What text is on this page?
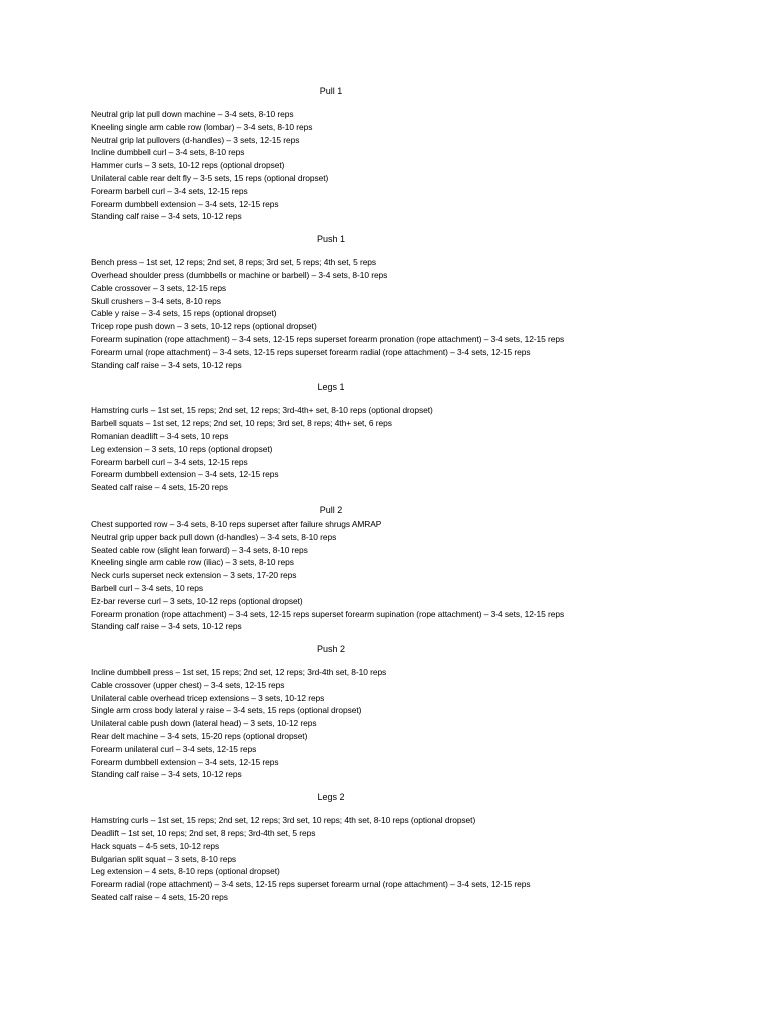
Pull 1
Neutral grip lat pull down machine – 3-4 sets, 8-10 reps
Kneeling single arm cable row (lombar) – 3-4 sets, 8-10 reps
Neutral grip lat pullovers (d-handles) – 3 sets, 12-15 reps
Incline dumbbell curl – 3-4 sets, 8-10 reps
Hammer curls – 3 sets, 10-12 reps (optional dropset)
Unilateral cable rear delt fly – 3-5 sets, 15 reps (optional dropset)
Forearm barbell curl – 3-4 sets, 12-15 reps
Forearm dumbbell extension – 3-4 sets, 12-15 reps
Standing calf raise – 3-4 sets, 10-12 reps
Push 1
Bench press – 1st set, 12 reps; 2nd set, 8 reps; 3rd set, 5 reps; 4th set, 5 reps
Overhead shoulder press (dumbbells or machine or barbell) – 3-4 sets, 8-10 reps
Cable crossover – 3 sets, 12-15 reps
Skull crushers – 3-4 sets, 8-10 reps
Cable y raise – 3-4 sets, 15 reps (optional dropset)
Tricep rope push down – 3 sets, 10-12 reps (optional dropset)
Forearm supination (rope attachment) – 3-4 sets, 12-15 reps superset forearm pronation (rope attachment) – 3-4 sets, 12-15 reps
Forearm urnal (rope attachment) – 3-4 sets, 12-15 reps superset forearm radial (rope attachment) – 3-4 sets, 12-15 reps
Standing calf raise – 3-4 sets, 10-12 reps
Legs 1
Hamstring curls – 1st set, 15 reps; 2nd set, 12 reps; 3rd-4th+ set, 8-10 reps (optional dropset)
Barbell squats – 1st set, 12 reps; 2nd set, 10 reps; 3rd set, 8 reps; 4th+ set, 6 reps
Romanian deadlift – 3-4 sets, 10 reps
Leg extension – 3 sets, 10 reps (optional dropset)
Forearm barbell curl – 3-4 sets, 12-15 reps
Forearm dumbbell extension – 3-4 sets, 12-15 reps
Seated calf raise – 4 sets, 15-20 reps
Pull 2
Chest supported row – 3-4 sets, 8-10 reps superset after failure shrugs AMRAP
Neutral grip upper back pull down (d-handles) – 3-4 sets, 8-10 reps
Seated cable row (slight lean forward) – 3-4 sets, 8-10 reps
Kneeling single arm cable row (iliac) – 3 sets, 8-10 reps
Neck curls superset neck extension – 3 sets, 17-20 reps
Barbell curl – 3-4 sets, 10 reps
Ez-bar reverse curl – 3 sets, 10-12 reps (optional dropset)
Forearm pronation (rope attachment) – 3-4 sets, 12-15 reps superset forearm supination (rope attachment) – 3-4 sets, 12-15 reps
Standing calf raise – 3-4 sets, 10-12 reps
Push 2
Incline dumbbell press – 1st set, 15 reps; 2nd set, 12 reps; 3rd-4th set, 8-10 reps
Cable crossover (upper chest) – 3-4 sets, 12-15 reps
Unilateral cable overhead tricep extensions – 3 sets, 10-12 reps
Single arm cross body lateral y raise – 3-4 sets, 15 reps (optional dropset)
Unilateral cable push down (lateral head) – 3 sets, 10-12 reps
Rear delt machine – 3-4 sets, 15-20 reps (optional dropset)
Forearm unilateral curl – 3-4 sets, 12-15 reps
Forearm dumbbell extension – 3-4 sets, 12-15 reps
Standing calf raise – 3-4 sets, 10-12 reps
Legs 2
Hamstring curls – 1st set, 15 reps; 2nd set, 12 reps; 3rd set, 10 reps; 4th set, 8-10 reps (optional dropset)
Deadlift – 1st set, 10 reps; 2nd set, 8 reps; 3rd-4th set, 5 reps
Hack squats – 4-5 sets, 10-12 reps
Bulgarian split squat – 3 sets, 8-10 reps
Leg extension – 4 sets, 8-10 reps (optional dropset)
Forearm radial (rope attachment) – 3-4 sets, 12-15 reps superset forearm urnal (rope attachment) – 3-4 sets, 12-15 reps
Seated calf raise – 4 sets, 15-20 reps
